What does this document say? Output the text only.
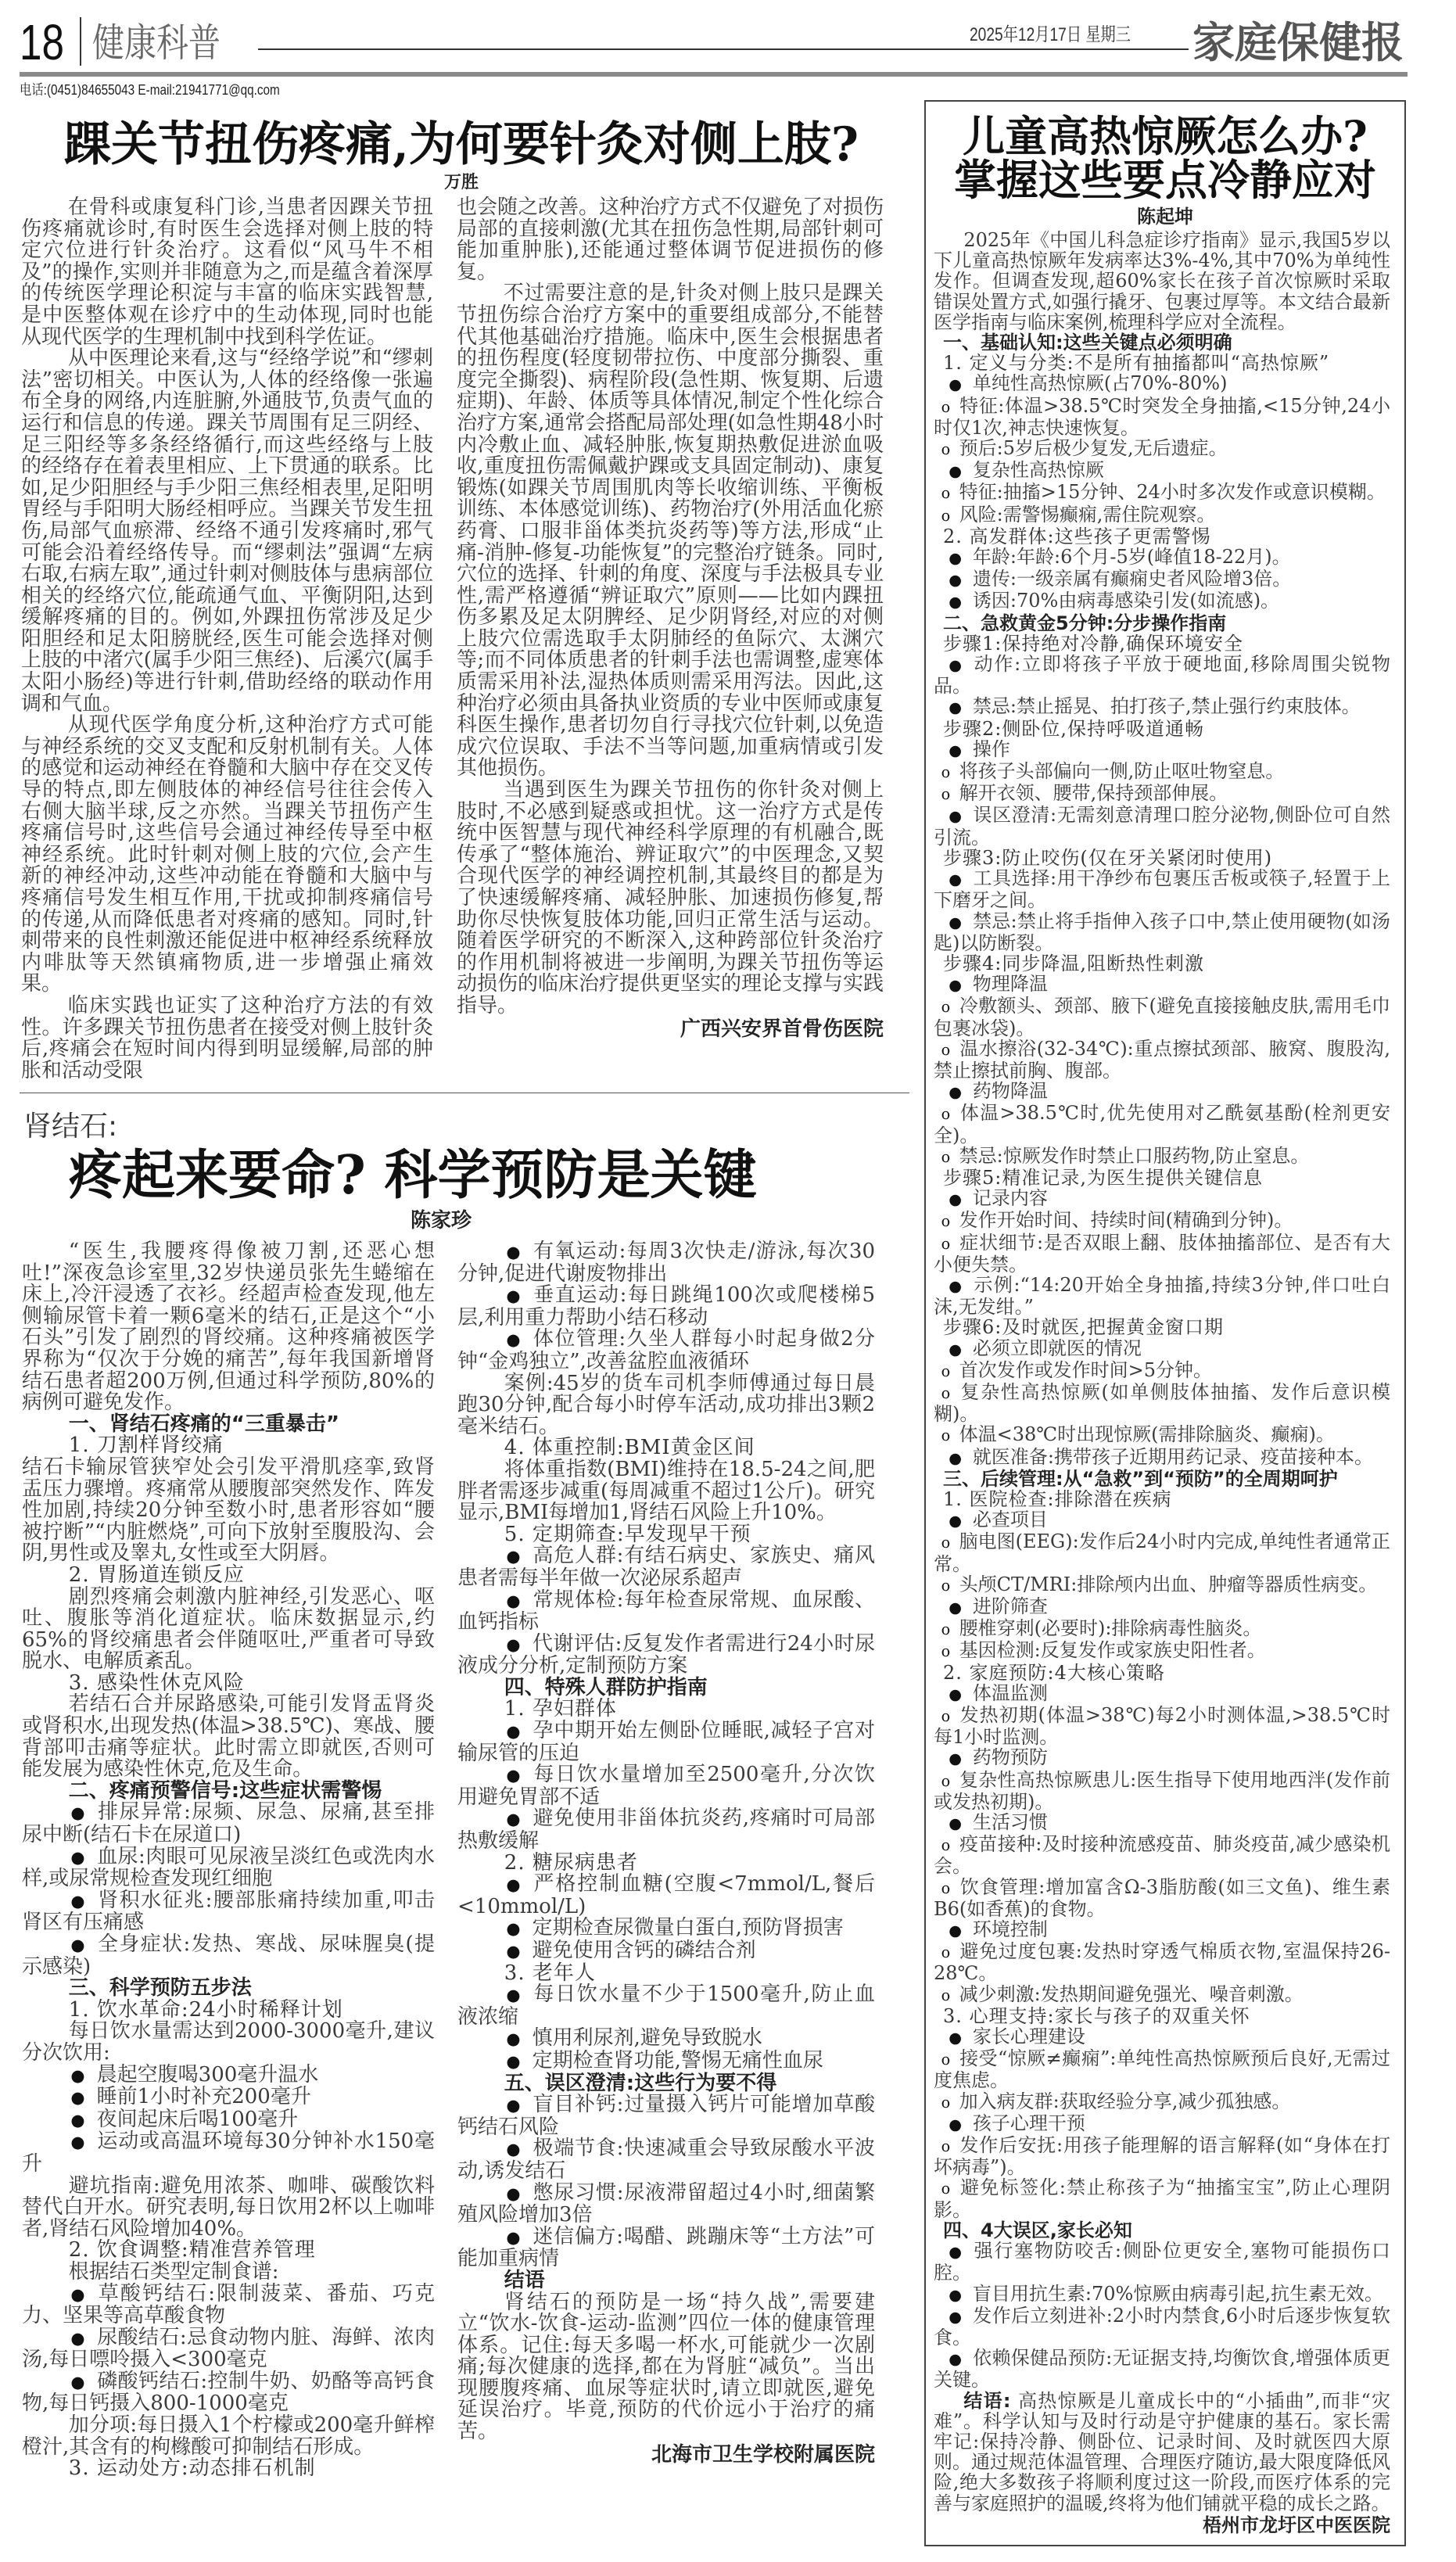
18 健康科普	2025年12月17日 星期三 家庭保健报
电话:(0451)84655043 E-mail:21941771@qq.com
踝关节扭伤疼痛,为何要针灸对侧上肢?
万胜
在骨科或康复科门诊,当患者因踝关节扭伤疼痛就诊时,有时医生会选择对侧上肢的特定穴位进行针灸治疗。这看似“风马牛不相及”的操作,实则并非随意为之,而是蕴含着深厚的传统医学理论积淀与丰富的临床实践智慧,是中医整体观在诊疗中的生动体现,同时也能从现代医学的生理机制中找到科学佐证。
从中医理论来看,这与“经络学说”和“缪刺法”密切相关。中医认为,人体的经络像一张遍布全身的网络,内连脏腑,外通肢节,负责气血的运行和信息的传递。踝关节周围有足三阴经、足三阳经等多条经络循行,而这些经络与上肢的经络存在着表里相应、上下贯通的联系。比如,足少阳胆经与手少阳三焦经相表里,足阳明胃经与手阳明大肠经相呼应。当踝关节发生扭伤,局部气血瘀滞、经络不通引发疼痛时,邪气可能会沿着经络传导。而“缪刺法”强调“左病右取,右病左取”,通过针刺对侧肢体与患病部位相关的经络穴位,能疏通气血、平衡阴阳,达到缓解疼痛的目的。例如,外踝扭伤常涉及足少阳胆经和足太阳膀胱经,医生可能会选择对侧上肢的中渚穴(属手少阳三焦经)、后溪穴(属手太阳小肠经)等进行针刺,借助经络的联动作用调和气血。
从现代医学角度分析,这种治疗方式可能与神经系统的交叉支配和反射机制有关。人体的感觉和运动神经在脊髓和大脑中存在交叉传导的特点,即左侧肢体的神经信号往往会传入右侧大脑半球,反之亦然。当踝关节扭伤产生疼痛信号时,这些信号会通过神经传导至中枢神经系统。此时针刺对侧上肢的穴位,会产生新的神经冲动,这些冲动能在脊髓和大脑中与疼痛信号发生相互作用,干扰或抑制疼痛信号的传递,从而降低患者对疼痛的感知。同时,针刺带来的良性刺激还能促进中枢神经系统释放内啡肽等天然镇痛物质,进一步增强止痛效果。
临床实践也证实了这种治疗方法的有效性。许多踝关节扭伤患者在接受对侧上肢针灸后,疼痛会在短时间内得到明显缓解,局部的肿胀和活动受限
也会随之改善。这种治疗方式不仅避免了对损伤局部的直接刺激(尤其在扭伤急性期,局部针刺可能加重肿胀),还能通过整体调节促进损伤的修复。
不过需要注意的是,针灸对侧上肢只是踝关节扭伤综合治疗方案中的重要组成部分,不能替代其他基础治疗措施。临床中,医生会根据患者的扭伤程度(轻度韧带拉伤、中度部分撕裂、重度完全撕裂)、病程阶段(急性期、恢复期、后遗症期)、年龄、体质等具体情况,制定个性化综合治疗方案,通常会搭配局部处理(如急性期48小时内冷敷止血、减轻肿胀,恢复期热敷促进淤血吸收,重度扭伤需佩戴护踝或支具固定制动)、康复锻炼(如踝关节周围肌肉等长收缩训练、平衡板训练、本体感觉训练)、药物治疗(外用活血化瘀药膏、口服非甾体类抗炎药等)等方法,形成“止痛-消肿-修复-功能恢复”的完整治疗链条。同时,穴位的选择、针刺的角度、深度与手法极具专业性,需严格遵循“辨证取穴”原则——比如内踝扭伤多累及足太阴脾经、足少阴肾经,对应的对侧上肢穴位需选取手太阴肺经的鱼际穴、太渊穴等;而不同体质患者的针刺手法也需调整,虚寒体质需采用补法,湿热体质则需采用泻法。因此,这种治疗必须由具备执业资质的专业中医师或康复科医生操作,患者切勿自行寻找穴位针刺,以免造成穴位误取、手法不当等问题,加重病情或引发其他损伤。
当遇到医生为踝关节扭伤的你针灸对侧上肢时,不必感到疑惑或担忧。这一治疗方式是传统中医智慧与现代神经科学原理的有机融合,既传承了“整体施治、辨证取穴”的中医理念,又契合现代医学的神经调控机制,其最终目的都是为了快速缓解疼痛、减轻肿胀、加速损伤修复,帮助你尽快恢复肢体功能,回归正常生活与运动。随着医学研究的不断深入,这种跨部位针灸治疗的作用机制将被进一步阐明,为踝关节扭伤等运动损伤的临床治疗提供更坚实的理论支撑与实践指导。
广西兴安界首骨伤医院
肾结石:
疼起来要命? 科学预防是关键
陈家珍
“医生,我腰疼得像被刀割,还恶心想吐!”深夜急诊室里,32岁快递员张先生蜷缩在床上,冷汗浸透了衣衫。经超声检查发现,他左侧输尿管卡着一颗6毫米的结石,正是这个“小石头”引发了剧烈的肾绞痛。这种疼痛被医学界称为“仅次于分娩的痛苦”,每年我国新增肾结石患者超200万例,但通过科学预防,80%的病例可避免发作。
一、肾结石疼痛的“三重暴击”
1. 刀割样肾绞痛
结石卡输尿管狭窄处会引发平滑肌痉挛,致肾盂压力骤增。疼痛常从腰腹部突然发作、阵发性加剧,持续20分钟至数小时,患者形容如“腰被拧断”“内脏燃烧”,可向下放射至腹股沟、会阴,男性或及睾丸,女性或至大阴唇。
2. 胃肠道连锁反应
剧烈疼痛会刺激内脏神经,引发恶心、呕吐、腹胀等消化道症状。临床数据显示,约65%的肾绞痛患者会伴随呕吐,严重者可导致脱水、电解质紊乱。
3. 感染性休克风险
若结石合并尿路感染,可能引发肾盂肾炎或肾积水,出现发热(体温>38.5℃)、寒战、腰背部叩击痛等症状。此时需立即就医,否则可能发展为感染性休克,危及生命。
二、疼痛预警信号:这些症状需警惕
● 排尿异常:尿频、尿急、尿痛,甚至排尿中断(结石卡在尿道口)
● 血尿:肉眼可见尿液呈淡红色或洗肉水样,或尿常规检查发现红细胞
● 肾积水征兆:腰部胀痛持续加重,叩击肾区有压痛感
● 全身症状:发热、寒战、尿味腥臭(提示感染)
三、科学预防五步法
1. 饮水革命:24小时稀释计划
每日饮水量需达到2000-3000毫升,建议分次饮用:
● 晨起空腹喝300毫升温水
● 睡前1小时补充200毫升
● 夜间起床后喝100毫升
● 运动或高温环境每30分钟补水150毫升
避坑指南:避免用浓茶、咖啡、碳酸饮料替代白开水。研究表明,每日饮用2杯以上咖啡者,肾结石风险增加40%。
2. 饮食调整:精准营养管理
根据结石类型定制食谱:
● 草酸钙结石:限制菠菜、番茄、巧克力、坚果等高草酸食物
● 尿酸结石:忌食动物内脏、海鲜、浓肉汤,每日嘌呤摄入<300毫克
● 磷酸钙结石:控制牛奶、奶酪等高钙食物,每日钙摄入800-1000毫克
加分项:每日摄入1个柠檬或200毫升鲜榨橙汁,其含有的枸橼酸可抑制结石形成。
3. 运动处方:动态排石机制
● 有氧运动:每周3次快走/游泳,每次30分钟,促进代谢废物排出
● 垂直运动:每日跳绳100次或爬楼梯5层,利用重力帮助小结石移动
● 体位管理:久坐人群每小时起身做2分钟“金鸡独立”,改善盆腔血液循环
案例:45岁的货车司机李师傅通过每日晨跑30分钟,配合每小时停车活动,成功排出3颗2毫米结石。
4. 体重控制:BMI黄金区间
将体重指数(BMI)维持在18.5-24之间,肥胖者需逐步减重(每周减重不超过1公斤)。研究显示,BMI每增加1,肾结石风险上升10%。
5. 定期筛查:早发现早干预
● 高危人群:有结石病史、家族史、痛风患者需每半年做一次泌尿系超声
● 常规体检:每年检查尿常规、血尿酸、血钙指标
● 代谢评估:反复发作者需进行24小时尿液成分分析,定制预防方案
四、特殊人群防护指南
1. 孕妇群体
● 孕中期开始左侧卧位睡眠,减轻子宫对输尿管的压迫
● 每日饮水量增加至2500毫升,分次饮用避免胃部不适
● 避免使用非甾体抗炎药,疼痛时可局部热敷缓解
2. 糖尿病患者
● 严格控制血糖(空腹<7mmol/L,餐后<10mmol/L)
● 定期检查尿微量白蛋白,预防肾损害
● 避免使用含钙的磷结合剂
3. 老年人
● 每日饮水量不少于1500毫升,防止血液浓缩
● 慎用利尿剂,避免导致脱水
● 定期检查肾功能,警惕无痛性血尿
五、误区澄清:这些行为要不得
● 盲目补钙:过量摄入钙片可能增加草酸钙结石风险
● 极端节食:快速减重会导致尿酸水平波动,诱发结石
● 憋尿习惯:尿液滞留超过4小时,细菌繁殖风险增加3倍
● 迷信偏方:喝醋、跳蹦床等“土方法”可能加重病情
结语
肾结石的预防是一场“持久战”,需要建立“饮水-饮食-运动-监测”四位一体的健康管理体系。记住:每天多喝一杯水,可能就少一次剧痛;每次健康的选择,都在为肾脏“减负”。当出现腰腹疼痛、血尿等症状时,请立即就医,避免延误治疗。毕竟,预防的代价远小于治疗的痛苦。
北海市卫生学校附属医院
儿童高热惊厥怎么办?
掌握这些要点冷静应对
陈起坤
2025年《中国儿科急症诊疗指南》显示,我国5岁以下儿童高热惊厥年发病率达3%-4%,其中70%为单纯性发作。但调查发现,超60%家长在孩子首次惊厥时采取错误处置方式,如强行撬牙、包裹过厚等。本文结合最新医学指南与临床案例,梳理科学应对全流程。
一、基础认知:这些关键点必须明确
1. 定义与分类:不是所有抽搐都叫“高热惊厥”
● 单纯性高热惊厥(占70%-80%)
o 特征:体温>38.5℃时突发全身抽搐,<15分钟,24小时仅1次,神志快速恢复。
o 预后:5岁后极少复发,无后遗症。
● 复杂性高热惊厥
o 特征:抽搐>15分钟、24小时多次发作或意识模糊。
o 风险:需警惕癫痫,需住院观察。
2. 高发群体:这些孩子更需警惕
● 年龄:年龄:6个月-5岁(峰值18-22月)。
● 遗传:一级亲属有癫痫史者风险增3倍。
● 诱因:70%由病毒感染引发(如流感)。
二、急救黄金5分钟:分步操作指南
步骤1:保持绝对冷静,确保环境安全
● 动作:立即将孩子平放于硬地面,移除周围尖锐物品。
● 禁忌:禁止摇晃、拍打孩子,禁止强行约束肢体。
步骤2:侧卧位,保持呼吸道通畅
● 操作
o 将孩子头部偏向一侧,防止呕吐物窒息。
o 解开衣领、腰带,保持颈部伸展。
● 误区澄清:无需刻意清理口腔分泌物,侧卧位可自然引流。
步骤3:防止咬伤(仅在牙关紧闭时使用)
● 工具选择:用干净纱布包裹压舌板或筷子,轻置于上下磨牙之间。
● 禁忌:禁止将手指伸入孩子口中,禁止使用硬物(如汤匙)以防断裂。
步骤4:同步降温,阻断热性刺激
● 物理降温
o 冷敷额头、颈部、腋下(避免直接接触皮肤,需用毛巾包裹冰袋)。
o 温水擦浴(32-34℃):重点擦拭颈部、腋窝、腹股沟,禁止擦拭前胸、腹部。
● 药物降温
o 体温>38.5℃时,优先使用对乙酰氨基酚(栓剂更安全)。
o 禁忌:惊厥发作时禁止口服药物,防止窒息。
步骤5:精准记录,为医生提供关键信息
● 记录内容
o 发作开始时间、持续时间(精确到分钟)。
o 症状细节:是否双眼上翻、肢体抽搐部位、是否有大小便失禁。
● 示例:“14:20开始全身抽搐,持续3分钟,伴口吐白沫,无发绀。”
步骤6:及时就医,把握黄金窗口期
● 必须立即就医的情况
o 首次发作或发作时间>5分钟。
o 复杂性高热惊厥(如单侧肢体抽搐、发作后意识模糊)。
o 体温<38℃时出现惊厥(需排除脑炎、癫痫)。
● 就医准备:携带孩子近期用药记录、疫苗接种本。
三、后续管理:从“急救”到“预防”的全周期呵护
1. 医院检查:排除潜在疾病
● 必查项目
o 脑电图(EEG):发作后24小时内完成,单纯性者通常正常。
o 头颅CT/MRI:排除颅内出血、肿瘤等器质性病变。
● 进阶筛查
o 腰椎穿刺(必要时):排除病毒性脑炎。
o 基因检测:反复发作或家族史阳性者。
2. 家庭预防:4大核心策略
● 体温监测
o 发热初期(体温>38℃)每2小时测体温,>38.5℃时每1小时监测。
● 药物预防
o 复杂性高热惊厥患儿:医生指导下使用地西泮(发作前或发热初期)。
● 生活习惯
o 疫苗接种:及时接种流感疫苗、肺炎疫苗,减少感染机会。
o 饮食管理:增加富含Ω-3脂肪酸(如三文鱼)、维生素B6(如香蕉)的食物。
● 环境控制
o 避免过度包裹:发热时穿透气棉质衣物,室温保持26-28℃。
o 减少刺激:发热期间避免强光、噪音刺激。
3. 心理支持:家长与孩子的双重关怀
● 家长心理建设
o 接受“惊厥≠癫痫”:单纯性高热惊厥预后良好,无需过度焦虑。
o 加入病友群:获取经验分享,减少孤独感。
● 孩子心理干预
o 发作后安抚:用孩子能理解的语言解释(如“身体在打坏病毒”)。
o 避免标签化:禁止称孩子为“抽搐宝宝”,防止心理阴影。
四、4大误区,家长必知
● 强行塞物防咬舌:侧卧位更安全,塞物可能损伤口腔。
● 盲目用抗生素:70%惊厥由病毒引起,抗生素无效。
● 发作后立刻进补:2小时内禁食,6小时后逐步恢复软食。
● 依赖保健品预防:无证据支持,均衡饮食,增强体质更关键。
结语: 高热惊厥是儿童成长中的“小插曲”,而非“灾难”。科学认知与及时行动是守护健康的基石。家长需牢记:保持冷静、侧卧位、记录时间、及时就医四大原则。通过规范体温管理、合理医疗随访,最大限度降低风险,绝大多数孩子将顺利度过这一阶段,而医疗体系的完善与家庭照护的温暖,终将为他们铺就平稳的成长之路。
梧州市龙圩区中医医院
